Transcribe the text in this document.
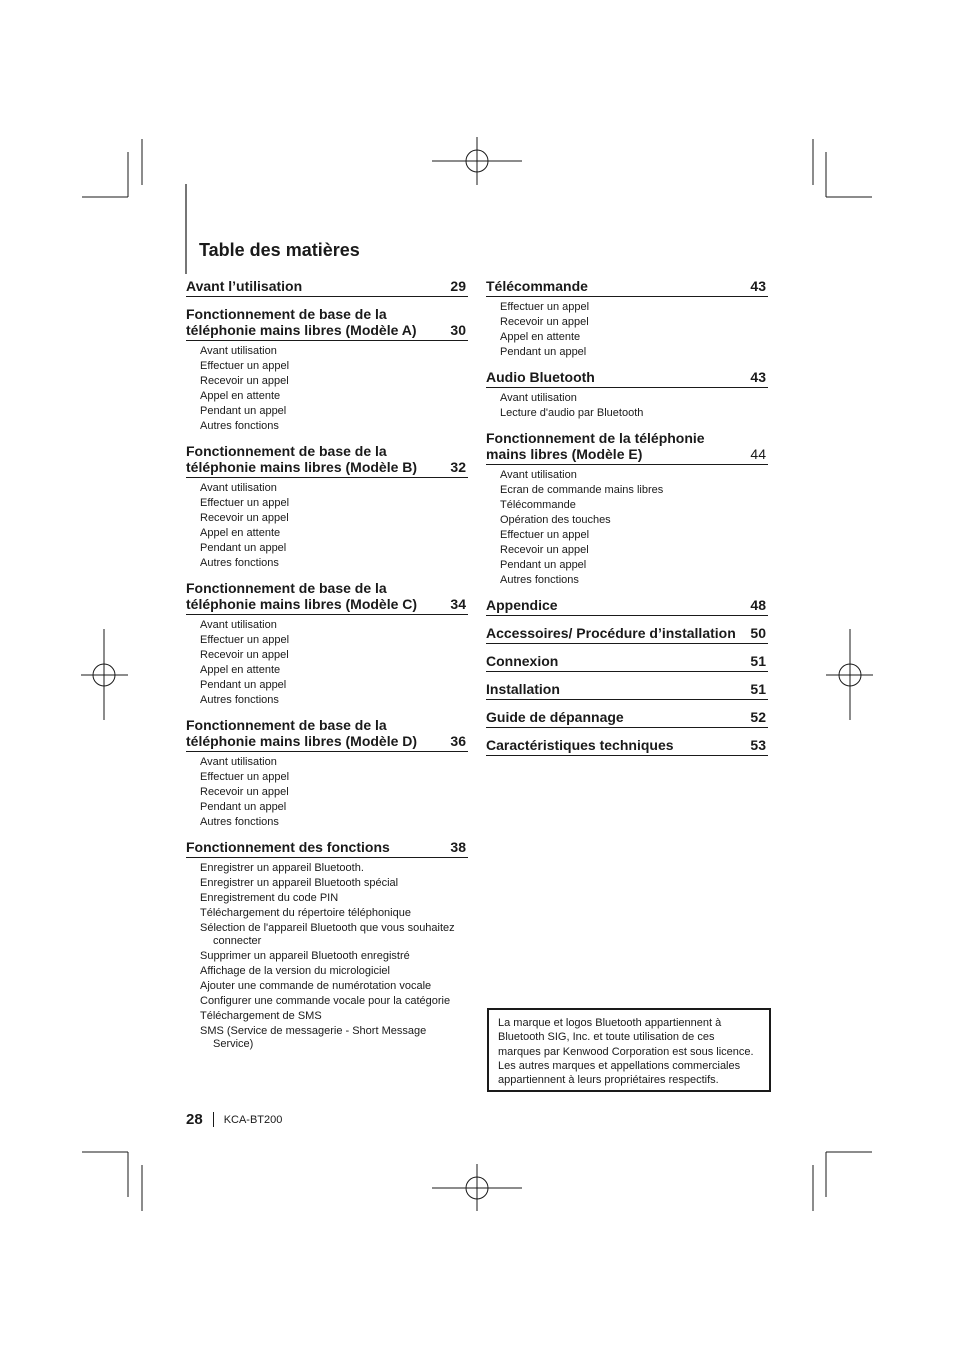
Table des matières
Avant l’utilisation	29
Fonctionnement de base de la téléphonie mains libres (Modèle A)	30
Avant utilisation
Effectuer un appel
Recevoir un appel
Appel en attente
Pendant un appel
Autres fonctions
Fonctionnement de base de la téléphonie mains libres (Modèle B)	32
Avant utilisation
Effectuer un appel
Recevoir un appel
Appel en attente
Pendant un appel
Autres fonctions
Fonctionnement de base de la téléphonie mains libres (Modèle C)	34
Avant utilisation
Effectuer un appel
Recevoir un appel
Appel en attente
Pendant un appel
Autres fonctions
Fonctionnement de base de la téléphonie mains libres (Modèle D)	36
Avant utilisation
Effectuer un appel
Recevoir un appel
Pendant un appel
Autres fonctions
Fonctionnement des fonctions	38
Enregistrer un appareil Bluetooth.
Enregistrer un appareil Bluetooth spécial
Enregistrement du code PIN
Téléchargement du répertoire téléphonique
Sélection de l'appareil Bluetooth que vous souhaitez connecter
Supprimer un appareil Bluetooth enregistré
Affichage de la version du micrologiciel
Ajouter une commande de numérotation vocale
Configurer une commande vocale pour la catégorie
Téléchargement de SMS
SMS (Service de messagerie - Short Message Service)
Télécommande	43
Effectuer un appel
Recevoir un appel
Appel en attente
Pendant un appel
Audio Bluetooth	43
Avant utilisation
Lecture d'audio par Bluetooth
Fonctionnement de la téléphonie mains libres (Modèle E)	44
Avant utilisation
Ecran de commande mains libres
Télécommande
Opération des touches
Effectuer un appel
Recevoir un appel
Pendant un appel
Autres fonctions
Appendice	48
Accessoires/ Procédure d’installation	50
Connexion	51
Installation	51
Guide de dépannage	52
Caractéristiques techniques	53
La marque et logos Bluetooth appartiennent à Bluetooth SIG, Inc. et toute utilisation de ces marques par Kenwood Corporation est sous licence. Les autres marques et appellations commerciales appartiennent à leurs propriétaires respectifs.
28 KCA-BT200
